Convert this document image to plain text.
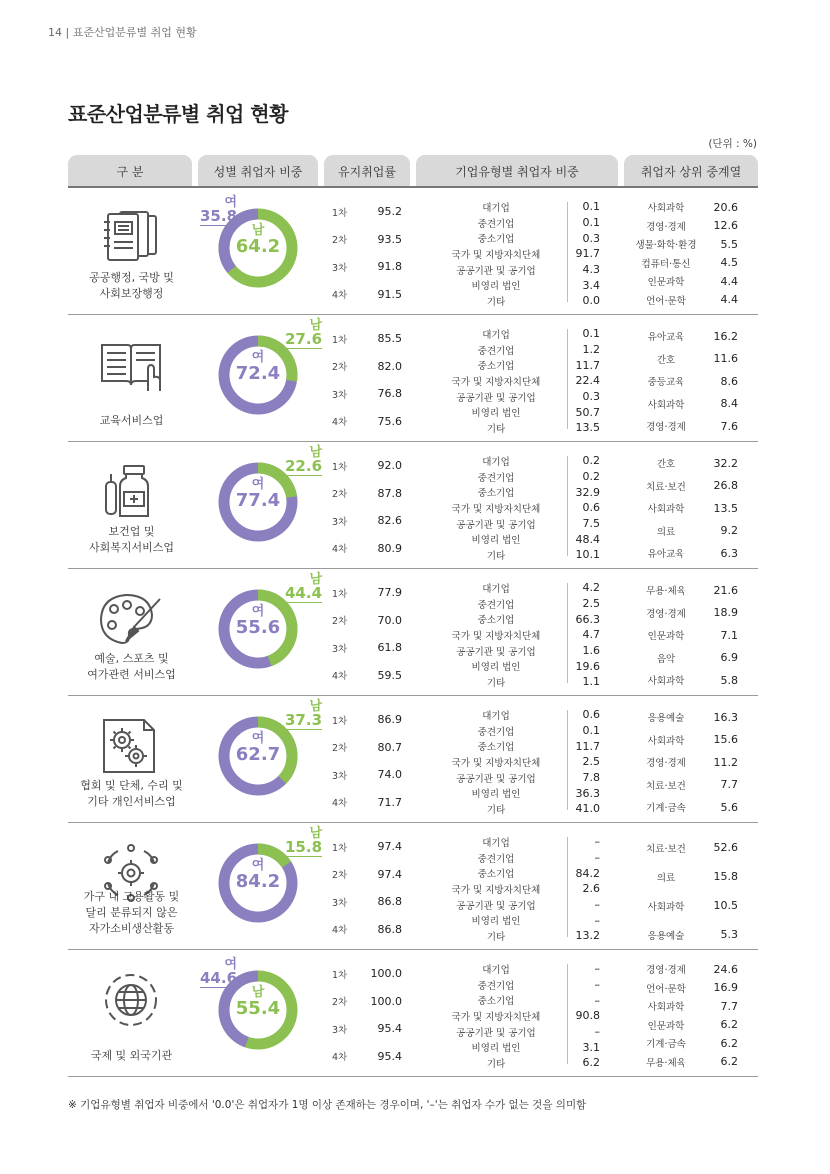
14 | 표준산업분류별 취업 현황
표준산업분류별 취업 현황
(단위 : %)
구 분	성별 취업자 비중	유지취업률	기업유형별 취업자 비중	취업자 상위 중계열
공공행정, 국방 및
사회보장행정
여
35.8
남
64.2
1차	95.2
2차	93.5
3차	91.8
4차	91.5
대기업	0.1
중견기업	0.1
중소기업	0.3
국가 및 지방자치단체	91.7
공공기관 및 공기업	4.3
비영리 법인	3.4
기타	0.0
사회과학	20.6
경영·경제	12.6
생물·화학·환경	5.5
컴퓨터·통신	4.5
인문과학	4.4
언어·문학	4.4
교육서비스업
남
27.6
여
72.4
1차	85.5
2차	82.0
3차	76.8
4차	75.6
대기업	0.1
중견기업	1.2
중소기업	11.7
국가 및 지방자치단체	22.4
공공기관 및 공기업	0.3
비영리 법인	50.7
기타	13.5
유아교육	16.2
간호	11.6
중등교육	8.6
사회과학	8.4
경영·경제	7.6
보건업 및
사회복지서비스업
남
22.6
여
77.4
1차	92.0
2차	87.8
3차	82.6
4차	80.9
대기업	0.2
중견기업	0.2
중소기업	32.9
국가 및 지방자치단체	0.6
공공기관 및 공기업	7.5
비영리 법인	48.4
기타	10.1
간호	32.2
치료·보건	26.8
사회과학	13.5
의료	9.2
유아교육	6.3
예술, 스포츠 및
여가관련 서비스업
남
44.4
여
55.6
1차	77.9
2차	70.0
3차	61.8
4차	59.5
대기업	4.2
중견기업	2.5
중소기업	66.3
국가 및 지방자치단체	4.7
공공기관 및 공기업	1.6
비영리 법인	19.6
기타	1.1
무용·체육	21.6
경영·경제	18.9
인문과학	7.1
음악	6.9
사회과학	5.8
협회 및 단체, 수리 및
기타 개인서비스업
남
37.3
여
62.7
1차	86.9
2차	80.7
3차	74.0
4차	71.7
대기업	0.6
중견기업	0.1
중소기업	11.7
국가 및 지방자치단체	2.5
공공기관 및 공기업	7.8
비영리 법인	36.3
기타	41.0
응용예술	16.3
사회과학	15.6
경영·경제	11.2
치료·보건	7.7
기계·금속	5.6
가구 내 고용활동 및
달리 분류되지 않은
자가소비생산활동
남
15.8
여
84.2
1차	97.4
2차	97.4
3차	86.8
4차	86.8
대기업	–
중견기업	–
중소기업	84.2
국가 및 지방자치단체	2.6
공공기관 및 공기업	–
비영리 법인	–
기타	13.2
치료·보건	52.6
의료	15.8
사회과학	10.5
응용예술	5.3
국제 및 외국기관
여
44.6
남
55.4
1차	100.0
2차	100.0
3차	95.4
4차	95.4
대기업	–
중견기업	–
중소기업	–
국가 및 지방자치단체	90.8
공공기관 및 공기업	–
비영리 법인	3.1
기타	6.2
경영·경제	24.6
언어·문학	16.9
사회과학	7.7
인문과학	6.2
기계·금속	6.2
무용·체육	6.2
※ 기업유형별 취업자 비중에서 '0.0'은 취업자가 1명 이상 존재하는 경우이며, '–'는 취업자 수가 없는 것을 의미함
